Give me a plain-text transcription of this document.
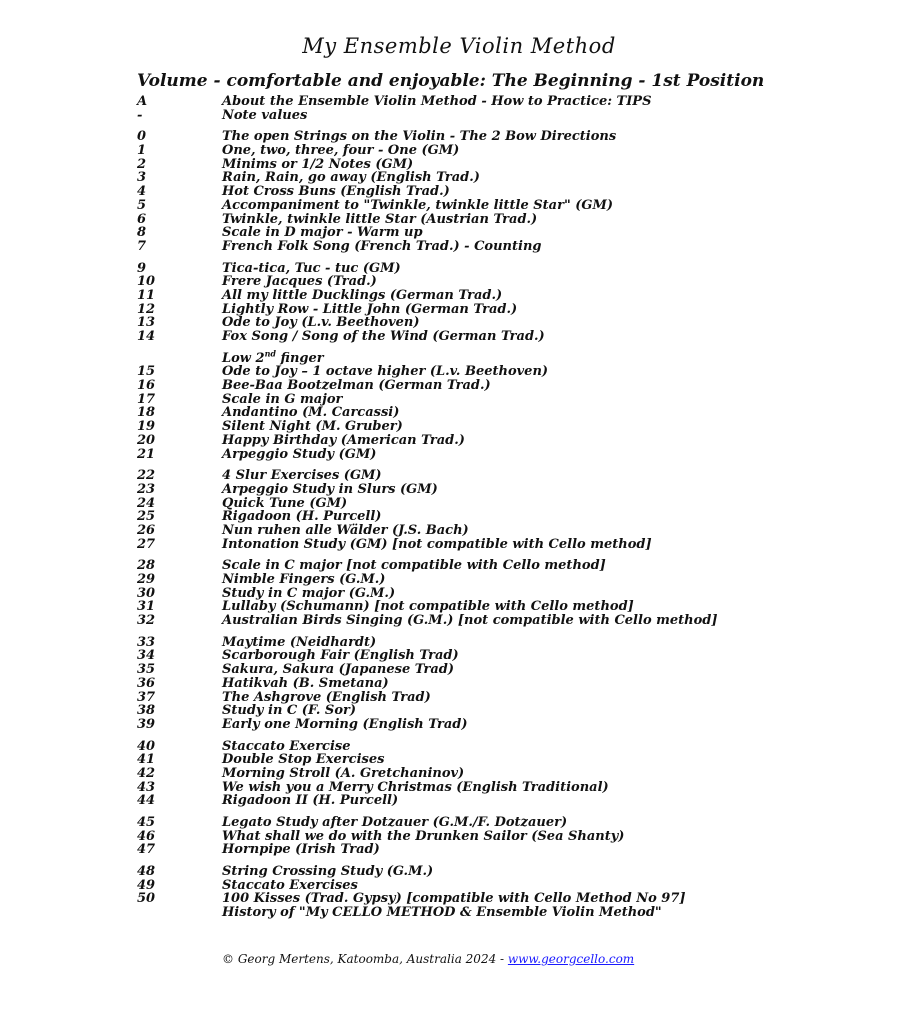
My Ensemble Violin Method
Volume - comfortable and enjoyable: The Beginning - 1st Position
A	About the Ensemble Violin Method - How to Practice: TIPS
-	Note values
0	The open Strings on the Violin - The 2 Bow Directions
1	One, two, three, four - One (GM)
2	Minims or 1/2 Notes (GM)
3	Rain, Rain, go away (English Trad.)
4	Hot Cross Buns (English Trad.)
5	Accompaniment to "Twinkle, twinkle little Star" (GM)
6	Twinkle, twinkle little Star (Austrian Trad.)
8	Scale in D major - Warm up
7	French Folk Song (French Trad.) - Counting
9	Tica-tica, Tuc - tuc (GM)
10	Frere Jacques (Trad.)
11	All my little Ducklings (German Trad.)
12	Lightly Row - Little John (German Trad.)
13	Ode to Joy (L.v. Beethoven)
14	Fox Song / Song of the Wind (German Trad.)
Low 2nd finger
15	Ode to Joy – 1 octave higher (L.v. Beethoven)
16	Bee-Baa Bootzelman (German Trad.)
17	Scale in G major
18	Andantino (M. Carcassi)
19	Silent Night (M. Gruber)
20	Happy Birthday (American Trad.)
21	Arpeggio Study (GM)
22	4 Slur Exercises (GM)
23	Arpeggio Study in Slurs (GM)
24	Quick Tune (GM)
25	Rigadoon (H. Purcell)
26	Nun ruhen alle Wälder (J.S. Bach)
27	Intonation Study (GM) [not compatible with Cello method]
28	Scale in C major [not compatible with Cello method]
29	Nimble Fingers (G.M.)
30	Study in C major (G.M.)
31	Lullaby (Schumann) [not compatible with Cello method]
32	Australian Birds Singing (G.M.) [not compatible with Cello method]
33	Maytime (Neidhardt)
34	Scarborough Fair (English Trad)
35	Sakura, Sakura (Japanese Trad)
36	Hatikvah (B. Smetana)
37	The Ashgrove (English Trad)
38	Study in C (F. Sor)
39	Early one Morning (English Trad)
40	Staccato Exercise
41	Double Stop Exercises
42	Morning Stroll (A. Gretchaninov)
43	We wish you a Merry Christmas (English Traditional)
44	Rigadoon II (H. Purcell)
45	Legato Study after Dotzauer (G.M./F. Dotzauer)
46	What shall we do with the Drunken Sailor (Sea Shanty)
47	Hornpipe (Irish Trad)
48	String Crossing Study (G.M.)
49	Staccato Exercises
50	100 Kisses (Trad. Gypsy) [compatible with Cello Method No 97]
History of "My CELLO METHOD & Ensemble Violin Method"
© Georg Mertens, Katoomba, Australia 2024 - www.georgcello.com
